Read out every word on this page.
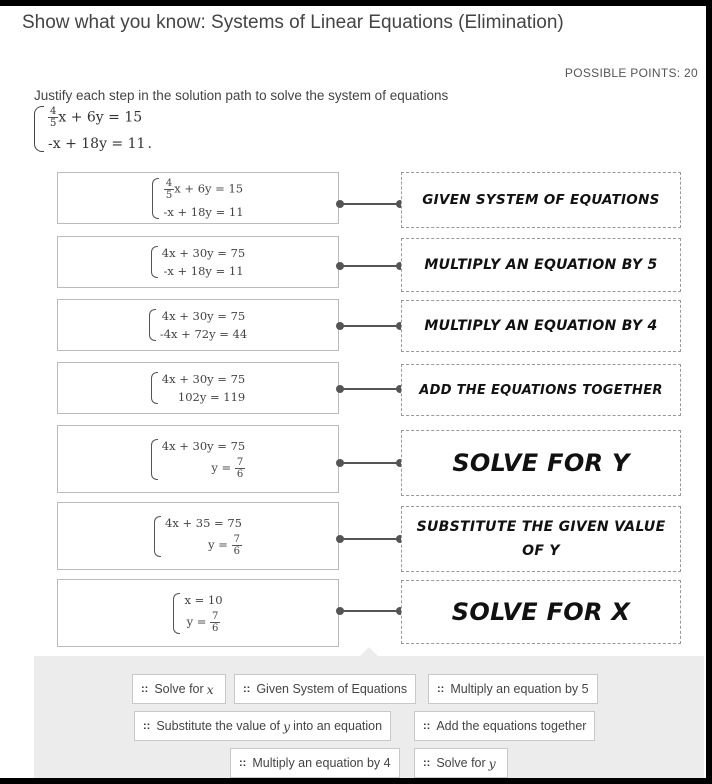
Show what you know: Systems of Linear Equations (Elimination)
POSSIBLE POINTS: 20
Justify each step in the solution path to solve the system of equations
$\frac{4}{5}$ x + 6y = 15
-x + 18y = 11 .
$\frac{4}{5}$ x + 6y = 15
-x + 18y = 11
GIVEN SYSTEM OF EQUATIONS
4x + 30y = 75
-x + 18y = 11	MULTIPLY AN EQUATION BY 5
4x + 30y = 75
-4x + 72y = 44	MULTIPLY AN EQUATION BY 4
4x + 30y = 75
102y = 119	ADD THE EQUATIONS TOGETHER
4x + 30y = 75
$y = \frac{7}{6}$	SOLVE FOR Y
4x + 35 = 75
$y = \frac{7}{6}$
SUBSTITUTE THE GIVEN VALUE
OF Y
x = 10
$y = \frac{7}{6}$	SOLVE FOR X
:: Solve for x	:: Given System of Equations	:: Multiply an equation by 5
:: Substitute the value of y into an equation	:: Add the equations together
:: Multiply an equation by 4	:: Solve for y
